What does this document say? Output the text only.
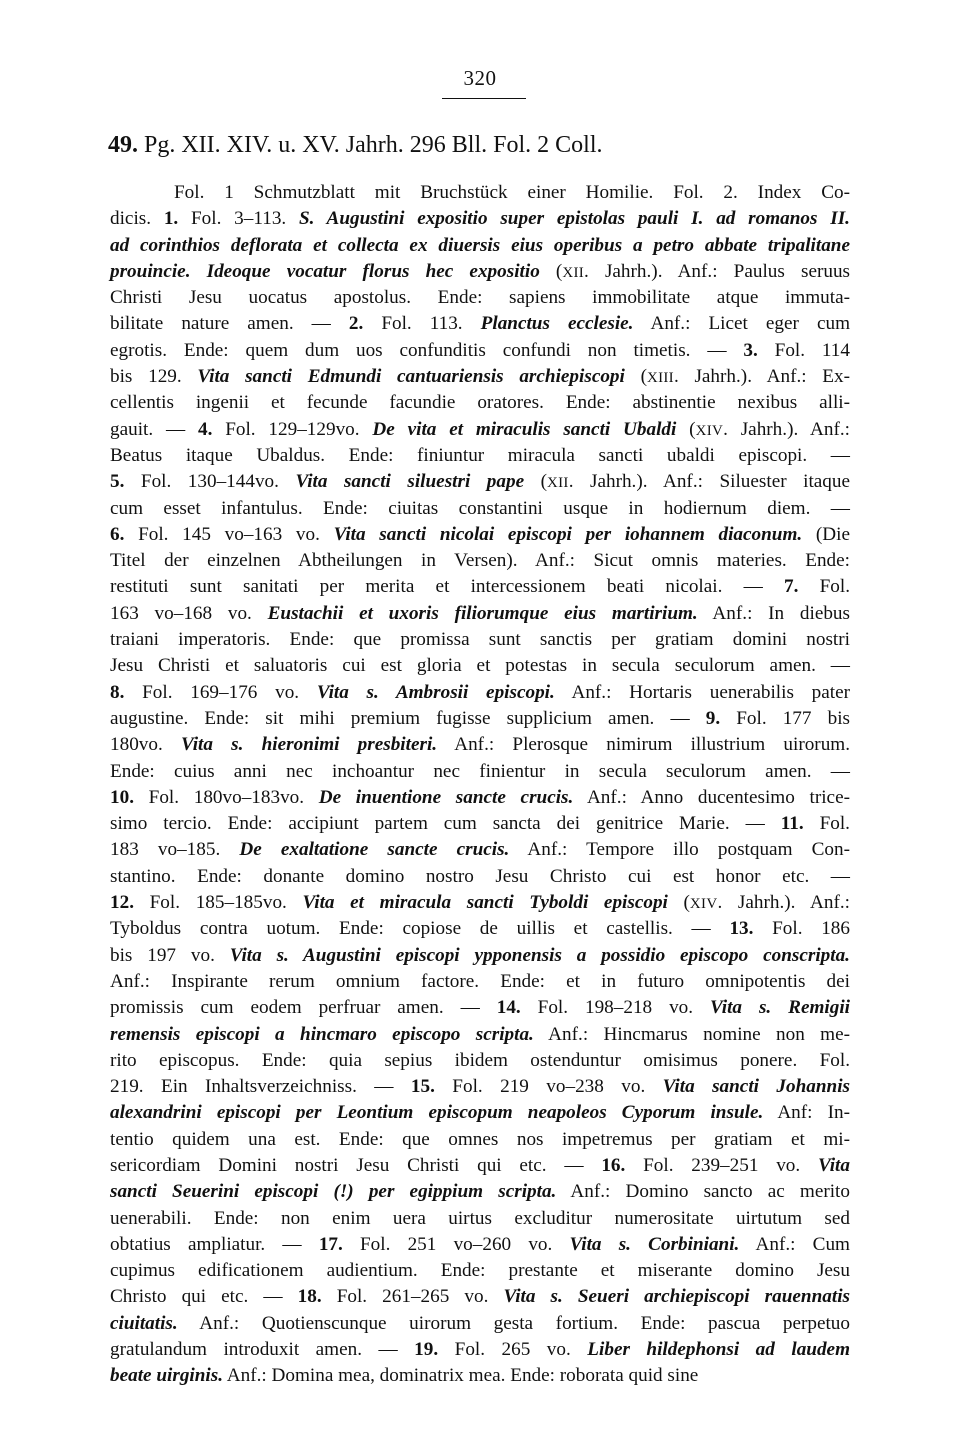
320
49. Pg. XII. XIV. u. XV. Jahrh. 296 Bll. Fol. 2 Coll.
Fol. 1 Schmutzblatt mit Bruchstück einer Homilie. Fol. 2. Index Co-
dicis. 1. Fol. 3–113. S. Augustini expositio super epistolas pauli I. ad romanos II.
ad corinthios deflorata et collecta ex diuersis eius operibus a petro abbate tripalitane
prouincie. Ideoque vocatur florus hec expositio (XII. Jahrh.). Anf.: Paulus seruus
Christi Jesu uocatus apostolus. Ende: sapiens immobilitate atque immuta-
bilitate nature amen. — 2. Fol. 113. Planctus ecclesie. Anf.: Licet eger cum
egrotis. Ende: quem dum uos confunditis confundi non timetis. — 3. Fol. 114
bis 129. Vita sancti Edmundi cantuariensis archiepiscopi (XIII. Jahrh.). Anf.: Ex-
cellentis ingenii et fecunde facundie oratores. Ende: abstinentie nexibus alli-
gauit. — 4. Fol. 129–129vo. De vita et miraculis sancti Ubaldi (XIV. Jahrh.). Anf.:
Beatus itaque Ubaldus. Ende: finiuntur miracula sancti ubaldi episcopi. —
5. Fol. 130–144vo. Vita sancti siluestri pape (XII. Jahrh.). Anf.: Siluester itaque
cum esset infantulus. Ende: ciuitas constantini usque in hodiernum diem. —
6. Fol. 145 vo–163 vo. Vita sancti nicolai episcopi per iohannem diaconum. (Die
Titel der einzelnen Abtheilungen in Versen). Anf.: Sicut omnis materies. Ende:
restituti sunt sanitati per merita et intercessionem beati nicolai. — 7. Fol.
163 vo–168 vo. Eustachii et uxoris filiorumque eius martirium. Anf.: In diebus
traiani imperatoris. Ende: que promissa sunt sanctis per gratiam domini nostri
Jesu Christi et saluatoris cui est gloria et potestas in secula seculorum amen. —
8. Fol. 169–176 vo. Vita s. Ambrosii episcopi. Anf.: Hortaris uenerabilis pater
augustine. Ende: sit mihi premium fugisse supplicium amen. — 9. Fol. 177 bis
180vo. Vita s. hieronimi presbiteri. Anf.: Plerosque nimirum illustrium uirorum.
Ende: cuius anni nec inchoantur nec finientur in secula seculorum amen. —
10. Fol. 180vo–183vo. De inuentione sancte crucis. Anf.: Anno ducentesimo trice-
simo tercio. Ende: accipiunt partem cum sancta dei genitrice Marie. — 11. Fol.
183 vo–185. De exaltatione sancte crucis. Anf.: Tempore illo postquam Con-
stantino. Ende: donante domino nostro Jesu Christo cui est honor etc. —
12. Fol. 185–185vo. Vita et miracula sancti Tyboldi episcopi (XIV. Jahrh.). Anf.:
Tyboldus contra uotum. Ende: copiose de uillis et castellis. — 13. Fol. 186
bis 197 vo. Vita s. Augustini episcopi ypponensis a possidio episcopo conscripta.
Anf.: Inspirante rerum omnium factore. Ende: et in futuro omnipotentis dei
promissis cum eodem perfruar amen. — 14. Fol. 198–218 vo. Vita s. Remigii
remensis episcopi a hincmaro episcopo scripta. Anf.: Hincmarus nomine non me-
rito episcopus. Ende: quia sepius ibidem ostenduntur omisimus ponere. Fol.
219. Ein Inhaltsverzeichniss. — 15. Fol. 219 vo–238 vo. Vita sancti Johannis
alexandrini episcopi per Leontium episcopum neapoleos Cyporum insule. Anf: In-
tentio quidem una est. Ende: que omnes nos impetremus per gratiam et mi-
sericordiam Domini nostri Jesu Christi qui etc. — 16. Fol. 239–251 vo. Vita
sancti Seuerini episcopi (!) per egippium scripta. Anf.: Domino sancto ac merito
uenerabili. Ende: non enim uera uirtus excluditur numerositate uirtutum sed
obtatius ampliatur. — 17. Fol. 251 vo–260 vo. Vita s. Corbiniani. Anf.: Cum
cupimus edificationem audientium. Ende: prestante et miserante domino Jesu
Christo qui etc. — 18. Fol. 261–265 vo. Vita s. Seueri archiepiscopi rauennatis
ciuitatis. Anf.: Quotienscunque uirorum gesta fortium. Ende: pascua perpetuo
gratulandum introduxit amen. — 19. Fol. 265 vo. Liber hildephonsi ad laudem
beate uirginis. Anf.: Domina mea, dominatrix mea. Ende: roborata quid sine
